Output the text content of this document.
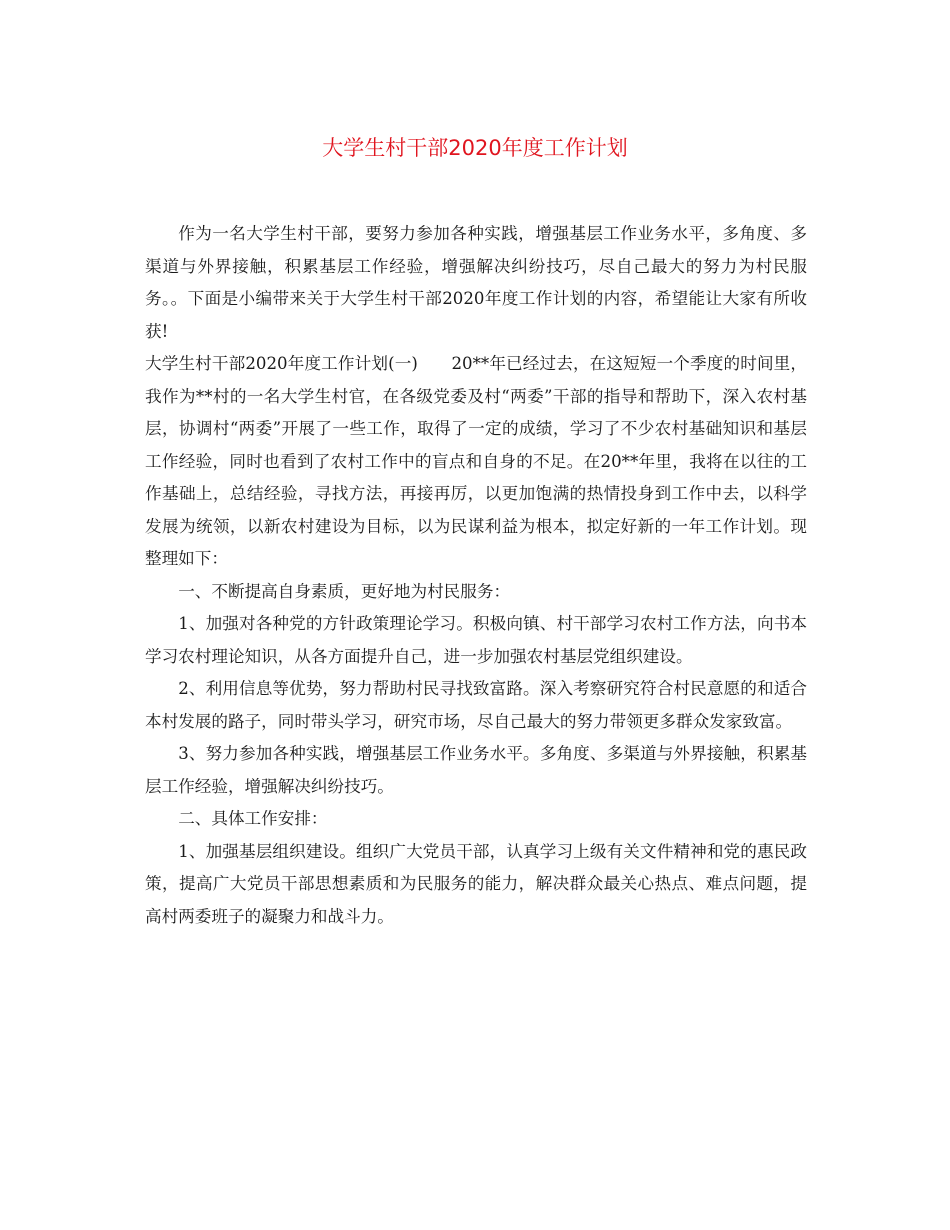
大学生村干部2020年度工作计划

作为一名大学生村干部，要努力参加各种实践，增强基层工作业务水平，多角度、多渠道与外界接触，积累基层工作经验，增强解决纠纷技巧，尽自己最大的努力为村民服务。。下面是小编带来关于大学生村干部2020年度工作计划的内容，希望能让大家有所收获!

大学生村干部2020年度工作计划(一)　　20**年已经过去，在这短短一个季度的时间里，我作为**村的一名大学生村官，在各级党委及村“两委”干部的指导和帮助下，深入农村基层，协调村“两委”开展了一些工作，取得了一定的成绩，学习了不少农村基础知识和基层工作经验，同时也看到了农村工作中的盲点和自身的不足。在20**年里，我将在以往的工作基础上，总结经验，寻找方法，再接再厉，以更加饱满的热情投身到工作中去，以科学发展为统领，以新农村建设为目标，以为民谋利益为根本，拟定好新的一年工作计划。现整理如下：

一、不断提高自身素质，更好地为村民服务：

1、加强对各种党的方针政策理论学习。积极向镇、村干部学习农村工作方法，向书本学习农村理论知识，从各方面提升自己，进一步加强农村基层党组织建设。

2、利用信息等优势，努力帮助村民寻找致富路。深入考察研究符合村民意愿的和适合本村发展的路子，同时带头学习，研究市场，尽自己最大的努力带领更多群众发家致富。

3、努力参加各种实践，增强基层工作业务水平。多角度、多渠道与外界接触，积累基层工作经验，增强解决纠纷技巧。

二、具体工作安排：

1、加强基层组织建设。组织广大党员干部，认真学习上级有关文件精神和党的惠民政策，提高广大党员干部思想素质和为民服务的能力，解决群众最关心热点、难点问题，提高村两委班子的凝聚力和战斗力。
